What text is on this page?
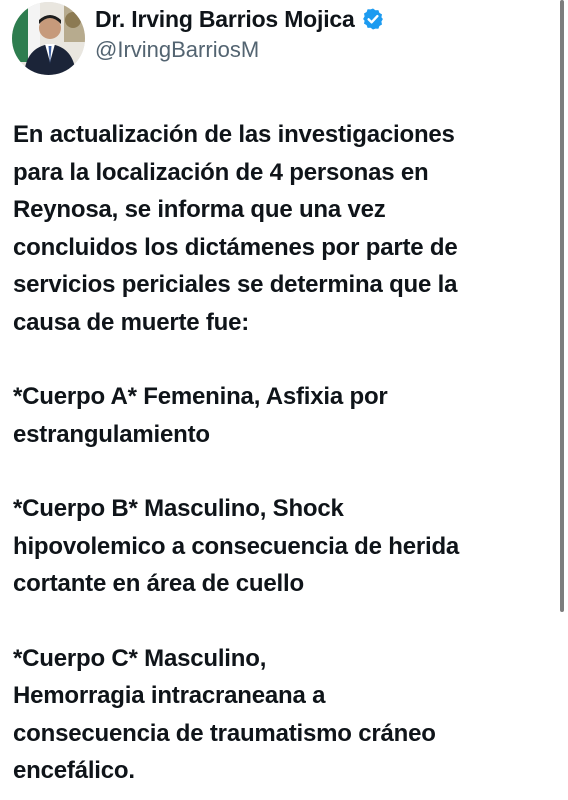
Dr. Irving Barrios Mojica
@IrvingBarriosM

En actualización de las investigaciones
para la localización de 4 personas en
Reynosa, se informa que una vez
concluidos los dictámenes por parte de
servicios periciales se determina que la
causa de muerte fue:

*Cuerpo A* Femenina, Asfixia por
estrangulamiento

*Cuerpo B* Masculino, Shock
hipovolemico a consecuencia de herida
cortante en área de cuello

*Cuerpo C* Masculino,
Hemorragia intracraneana a
consecuencia de traumatismo cráneo
encefálico.
